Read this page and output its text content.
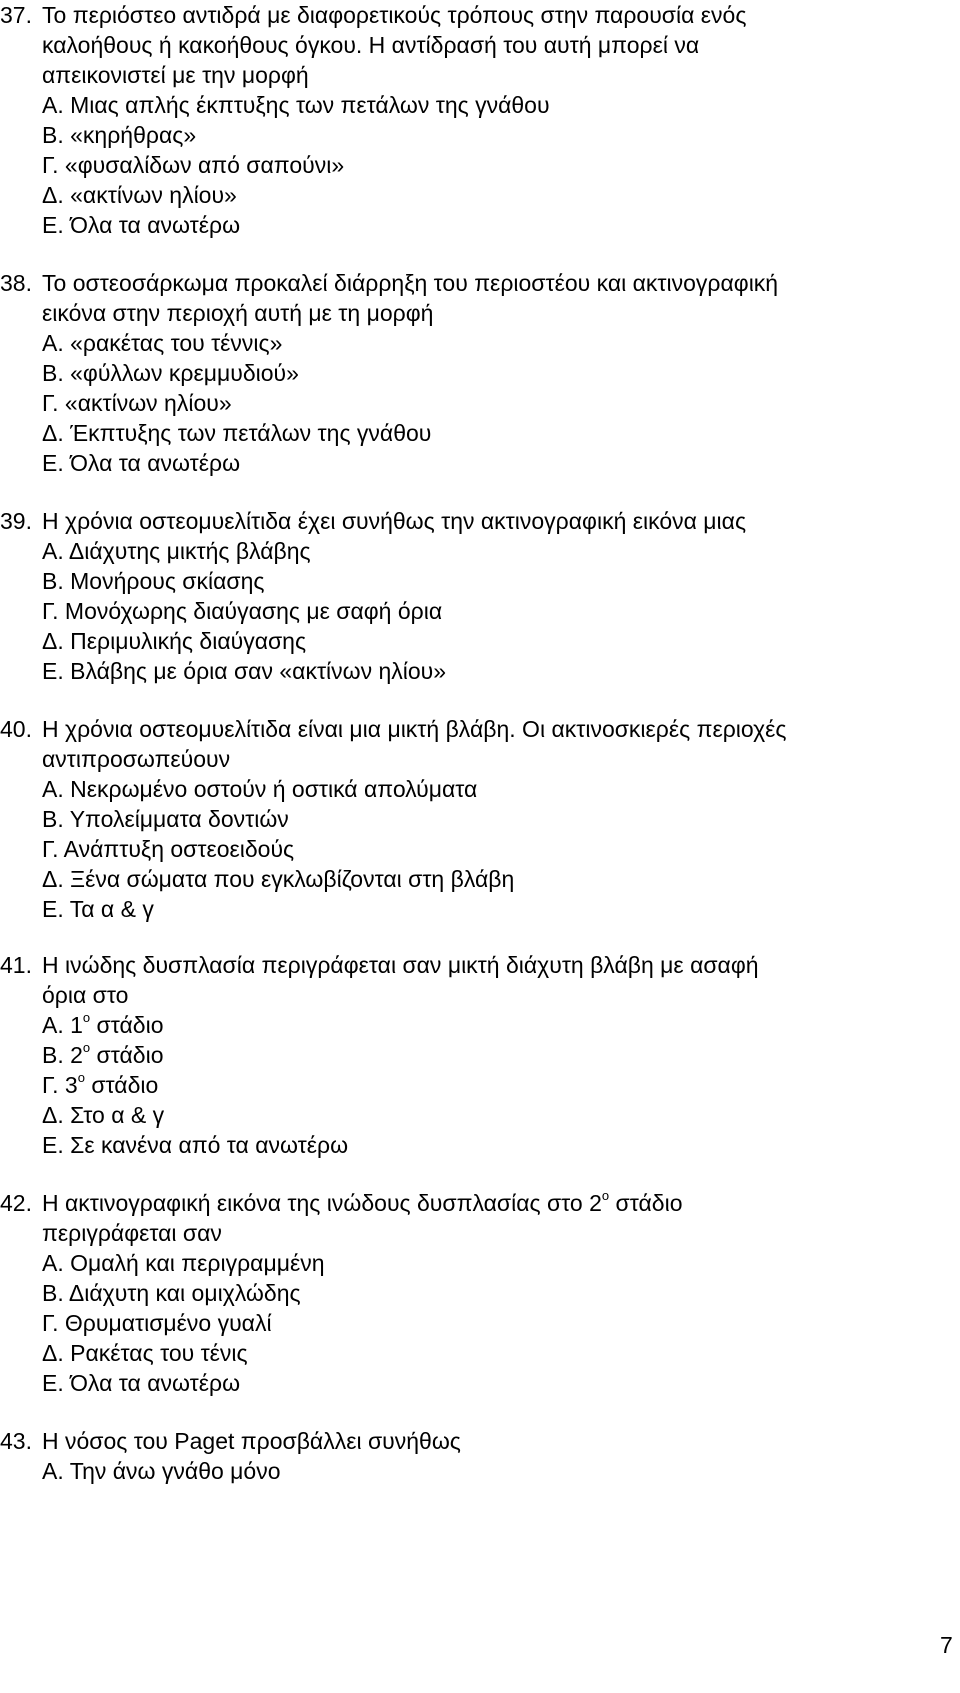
37. Το περιόστεο αντιδρά με διαφορετικούς τρόπους στην παρουσία ενός
καλοήθους ή κακοήθους όγκου. Η αντίδρασή του αυτή μπορεί να
απεικονιστεί με την μορφή
Α. Μιας απλής έκπτυξης των πετάλων της γνάθου
Β. «κηρήθρας»
Γ. «φυσαλίδων από σαπούνι»
Δ. «ακτίνων ηλίου»
Ε. Όλα τα ανωτέρω
38. Το οστεοσάρκωμα προκαλεί διάρρηξη του περιοστέου και ακτινογραφική
εικόνα στην περιοχή αυτή με τη μορφή
Α. «ρακέτας του τέννις»
Β. «φύλλων κρεμμυδιού»
Γ. «ακτίνων ηλίου»
Δ. Έκπτυξης των πετάλων της γνάθου
Ε. Όλα τα ανωτέρω
39. Η χρόνια οστεομυελίτιδα έχει συνήθως την ακτινογραφική εικόνα μιας
Α. Διάχυτης μικτής βλάβης
Β. Μονήρους σκίασης
Γ. Μονόχωρης διαύγασης με σαφή όρια
Δ. Περιμυλικής διαύγασης
Ε. Βλάβης με όρια σαν «ακτίνων ηλίου»
40. Η χρόνια οστεομυελίτιδα είναι μια μικτή βλάβη. Οι ακτινοσκιερές περιοχές
αντιπροσωπεύουν
Α. Νεκρωμένο οστούν ή οστικά απολύματα
Β. Υπολείμματα δοντιών
Γ. Ανάπτυξη οστεοειδούς
Δ. Ξένα σώματα που εγκλωβίζονται στη βλάβη
Ε. Τα α & γ
41. Η ινώδης δυσπλασία περιγράφεται σαν μικτή διάχυτη βλάβη με ασαφή
όρια στο
Α. $1^o$ στάδιο
Β. $2^o$ στάδιο
Γ. $3^o$ στάδιο
Δ. Στο α & γ
Ε. Σε κανένα από τα ανωτέρω
42. Η ακτινογραφική εικόνα της ινώδους δυσπλασίας στο $2^o$ στάδιο
περιγράφεται σαν
Α. Ομαλή και περιγραμμένη
Β. Διάχυτη και ομιχλώδης
Γ. Θρυματισμένο γυαλί
Δ. Ρακέτας του τένις
Ε. Όλα τα ανωτέρω
43. Η νόσος του Paget προσβάλλει συνήθως
Α. Την άνω γνάθο μόνο
7
